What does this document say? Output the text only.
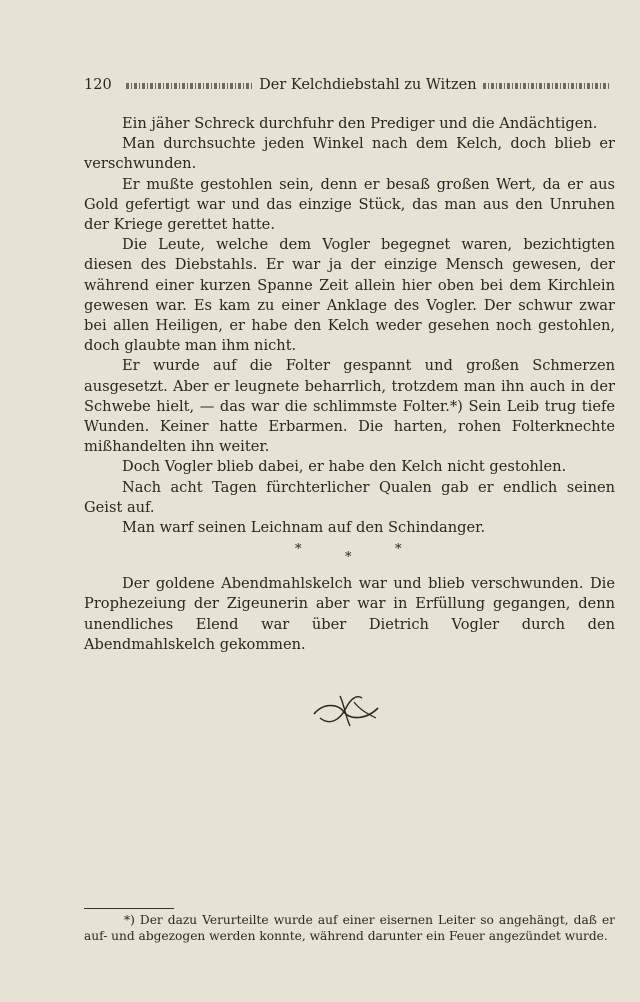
120	Der Kelchdiebstahl zu Witzen

Ein jäher Schreck durchfuhr den Prediger und die Andächtigen.

Man durchsuchte jeden Winkel nach dem Kelch, doch blieb er verschwunden.

Er mußte gestohlen sein, denn er besaß großen Wert, da er aus Gold gefertigt war und das einzige Stück, das man aus den Unruhen der Kriege gerettet hatte.

Die Leute, welche dem Vogler begegnet waren, bezichtigten diesen des Diebstahls. Er war ja der einzige Mensch gewesen, der während einer kurzen Spanne Zeit allein hier oben bei dem Kirchlein gewesen war. Es kam zu einer Anklage des Vogler. Der schwur zwar bei allen Heiligen, er habe den Kelch weder gesehen noch gestohlen, doch glaubte man ihm nicht.

Er wurde auf die Folter gespannt und großen Schmerzen ausgesetzt. Aber er leugnete beharrlich, trotzdem man ihn auch in der Schwebe hielt, — das war die schlimmste Folter.*) Sein Leib trug tiefe Wunden. Keiner hatte Erbarmen. Die harten, rohen Folterknechte mißhandelten ihn weiter.

Doch Vogler blieb dabei, er habe den Kelch nicht gestohlen.

Nach acht Tagen fürchterlicher Qualen gab er endlich seinen Geist auf.

Man warf seinen Leichnam auf den Schindanger.

*
*
*

Der goldene Abendmahlskelch war und blieb verschwunden. Die Prophezeiung der Zigeunerin aber war in Erfüllung gegangen, denn unendliches Elend war über Dietrich Vogler durch den Abendmahlskelch gekommen.

*) Der dazu Verurteilte wurde auf einer eisernen Leiter so angehängt, daß er auf- und abgezogen werden konnte, während darunter ein Feuer angezündet wurde.
